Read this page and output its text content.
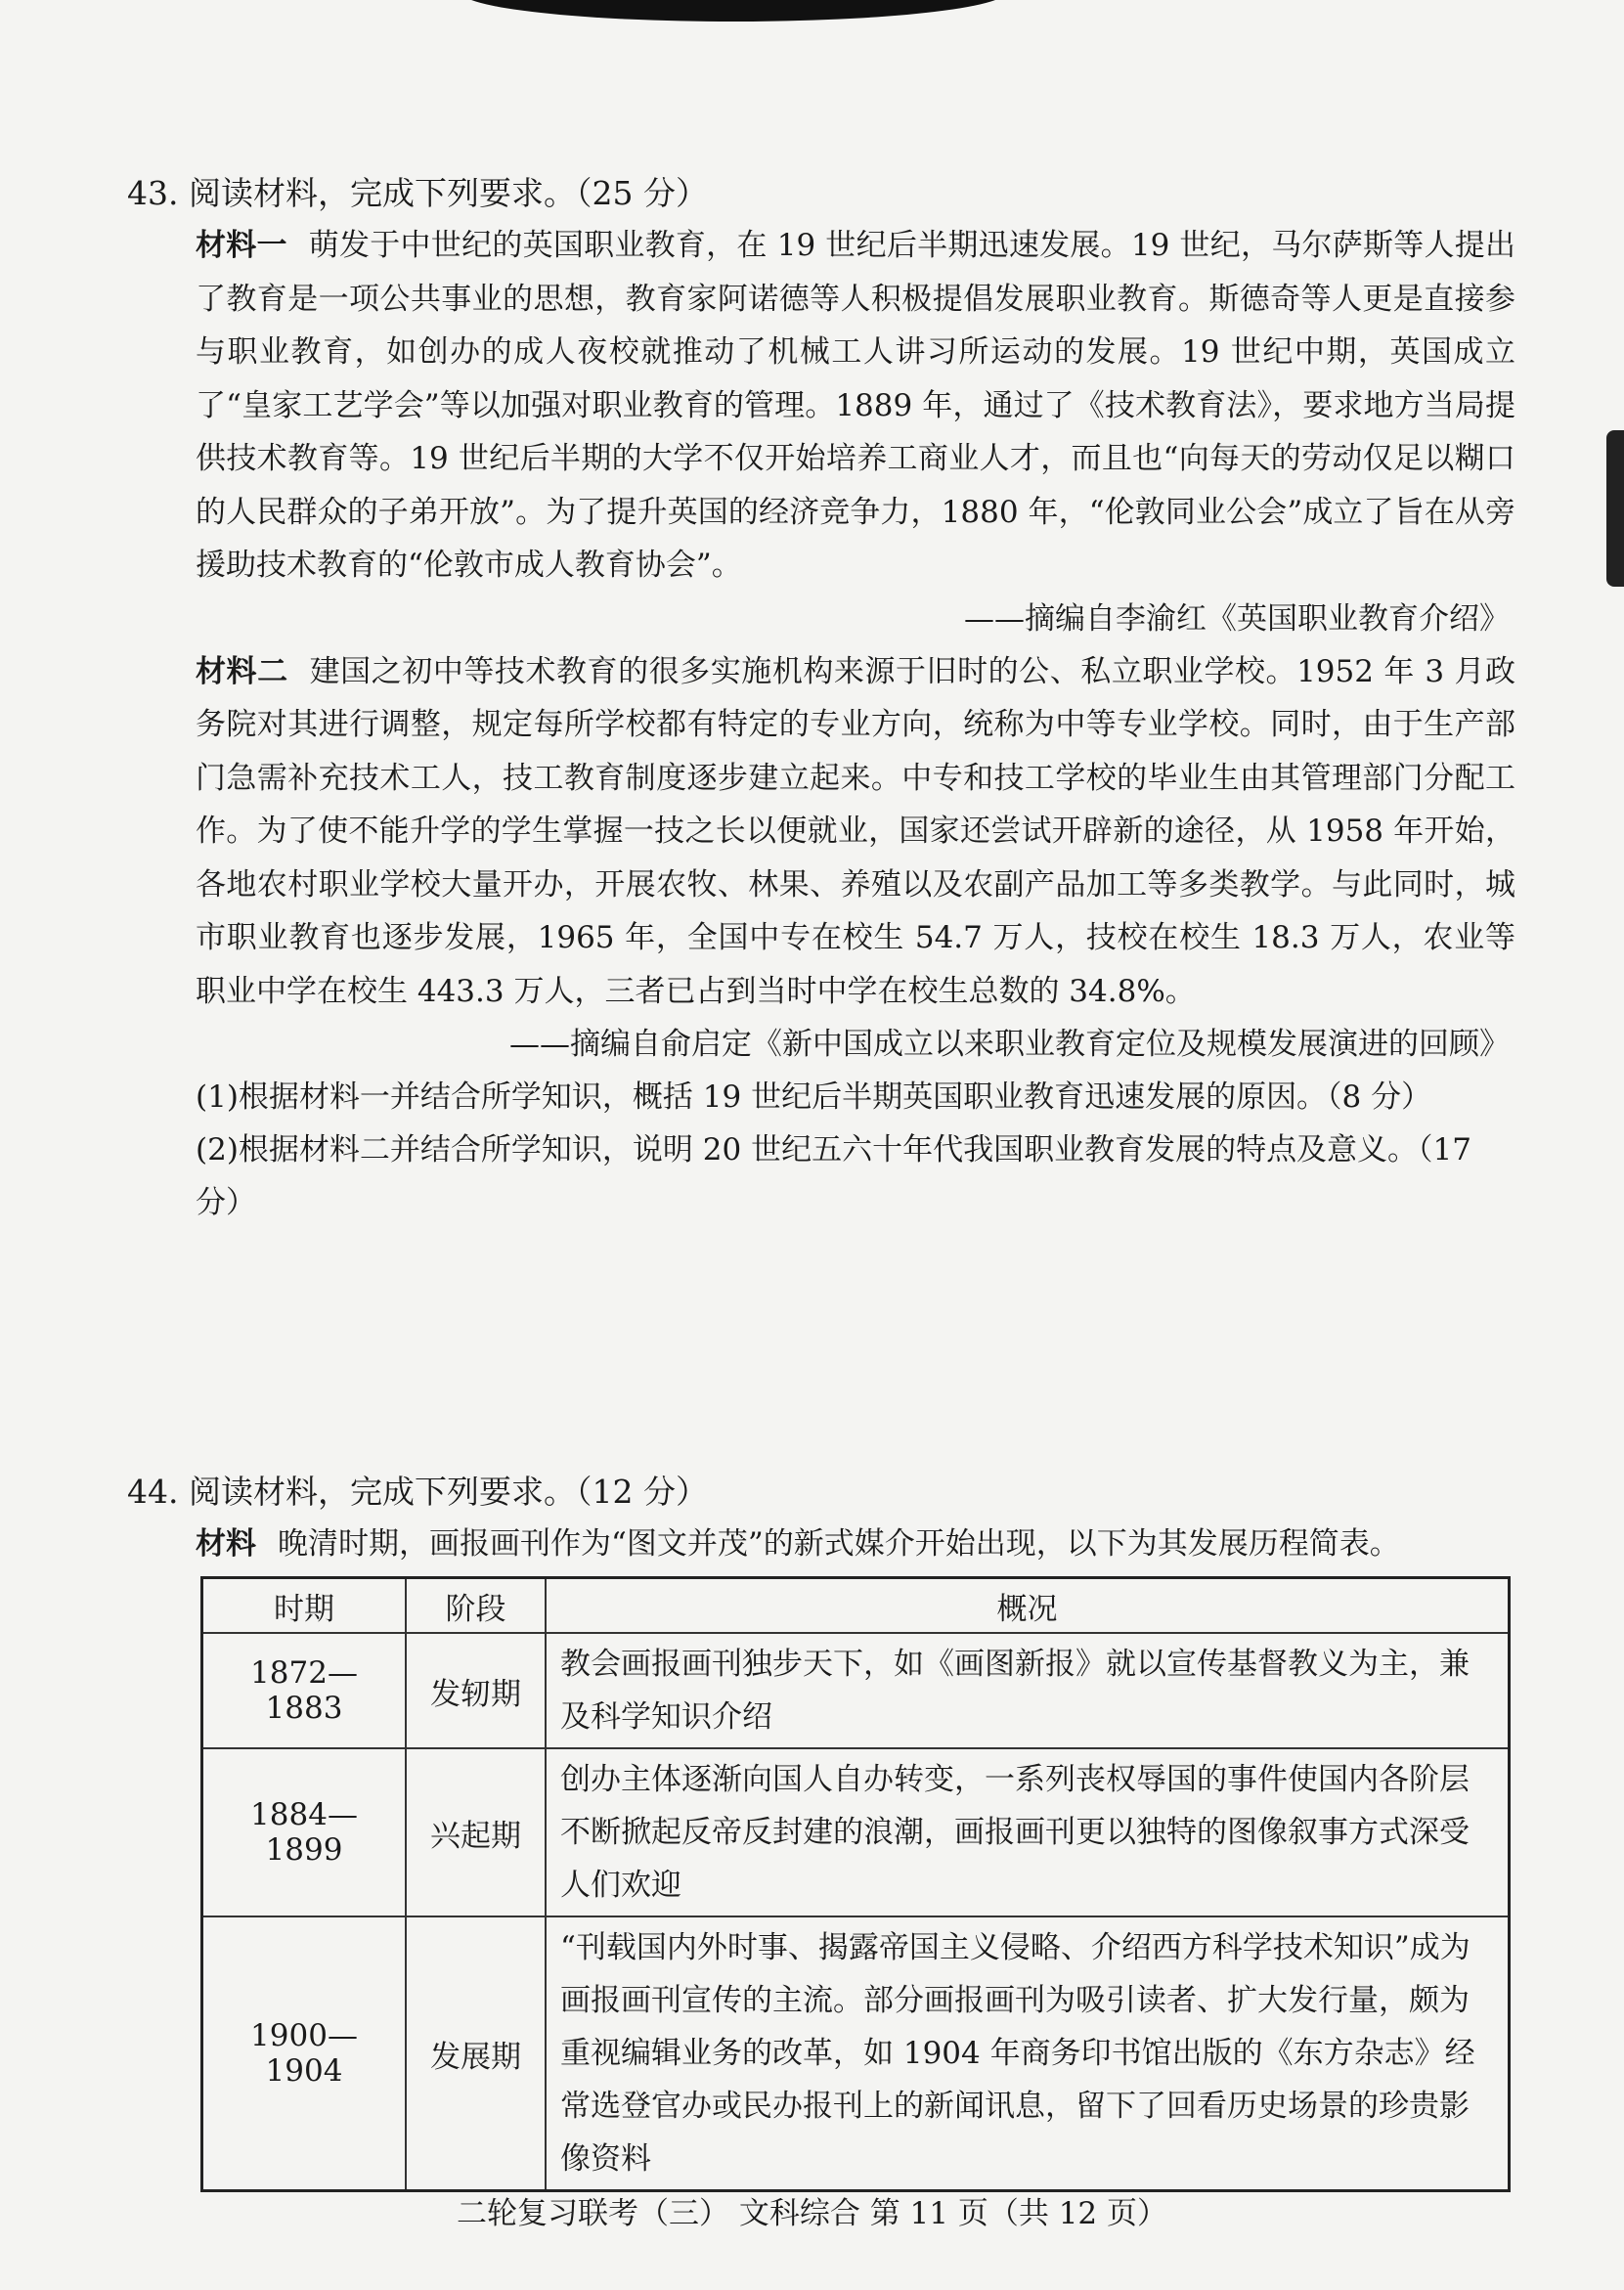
43. 阅读材料，完成下列要求。（25 分）

材料一 萌发于中世纪的英国职业教育，在 19 世纪后半期迅速发展。19 世纪，马尔萨斯等人提出了教育是一项公共事业的思想，教育家阿诺德等人积极提倡发展职业教育。斯德奇等人更是直接参与职业教育，如创办的成人夜校就推动了机械工人讲习所运动的发展。19 世纪中期，英国成立了“皇家工艺学会”等以加强对职业教育的管理。1889 年，通过了《技术教育法》，要求地方当局提供技术教育等。19 世纪后半期的大学不仅开始培养工商业人才，而且也“向每天的劳动仅足以糊口的人民群众的子弟开放”。为了提升英国的经济竞争力，1880 年，“伦敦同业公会”成立了旨在从旁援助技术教育的“伦敦市成人教育协会”。

——摘编自李渝红《英国职业教育介绍》

材料二 建国之初中等技术教育的很多实施机构来源于旧时的公、私立职业学校。1952 年 3 月政务院对其进行调整，规定每所学校都有特定的专业方向，统称为中等专业学校。同时，由于生产部门急需补充技术工人，技工教育制度逐步建立起来。中专和技工学校的毕业生由其管理部门分配工作。为了使不能升学的学生掌握一技之长以便就业，国家还尝试开辟新的途径，从 1958 年开始，各地农村职业学校大量开办，开展农牧、林果、养殖以及农副产品加工等多类教学。与此同时，城市职业教育也逐步发展，1965 年，全国中专在校生 54.7 万人，技校在校生 18.3 万人，农业等职业中学在校生 443.3 万人，三者已占到当时中学在校生总数的 34.8%。

——摘编自俞启定《新中国成立以来职业教育定位及规模发展演进的回顾》

(1)根据材料一并结合所学知识，概括 19 世纪后半期英国职业教育迅速发展的原因。（8 分）

(2)根据材料二并结合所学知识，说明 20 世纪五六十年代我国职业教育发展的特点及意义。（17 分）

44. 阅读材料，完成下列要求。（12 分）

材料 晚清时期，画报画刊作为“图文并茂”的新式媒介开始出现，以下为其发展历程简表。

时期	阶段	概况
1872—1883	发轫期	教会画报画刊独步天下，如《画图新报》就以宣传基督教义为主，兼及科学知识介绍
1884—1899	兴起期	创办主体逐渐向国人自办转变，一系列丧权辱国的事件使国内各阶层不断掀起反帝反封建的浪潮，画报画刊更以独特的图像叙事方式深受人们欢迎
1900—1904	发展期	“刊载国内外时事、揭露帝国主义侵略、介绍西方科学技术知识”成为画报画刊宣传的主流。部分画报画刊为吸引读者、扩大发行量，颇为重视编辑业务的改革，如 1904 年商务印书馆出版的《东方杂志》经常选登官办或民办报刊上的新闻讯息，留下了回看历史场景的珍贵影像资料
二轮复习联考（三） 文科综合 第 11 页（共 12 页）
